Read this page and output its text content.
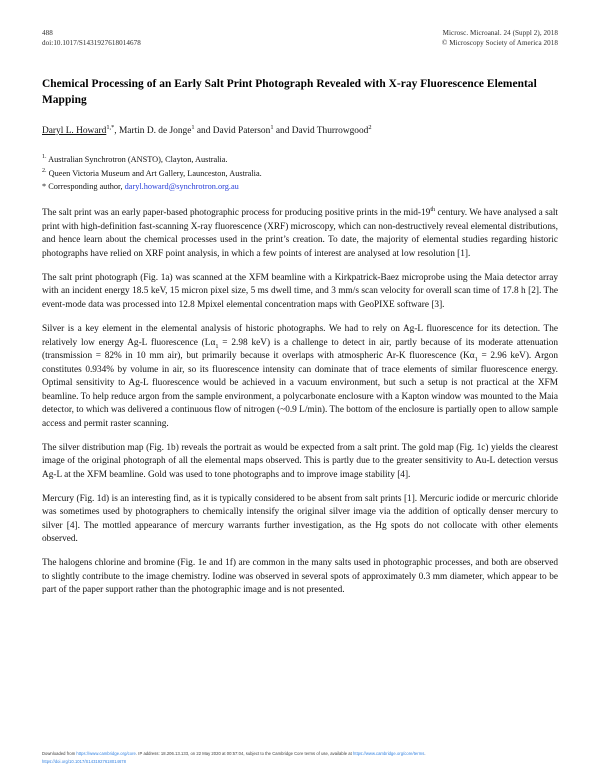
488
doi:10.1017/S1431927618014678
Microsc. Microanal. 24 (Suppl 2), 2018
© Microscopy Society of America 2018
Chemical Processing of an Early Salt Print Photograph Revealed with X-ray Fluorescence Elemental Mapping
Daryl L. Howard$^{1,*}$, Martin D. de Jonge$^1$ and David Paterson$^1$ and David Thurrowgood$^2$
$^{1.}$ Australian Synchrotron (ANSTO), Clayton, Australia.
$^{2.}$ Queen Victoria Museum and Art Gallery, Launceston, Australia.
* Corresponding author, daryl.howard@synchrotron.org.au

The salt print was an early paper-based photographic process for producing positive prints in the mid-19th century. We have analysed a salt print with high-definition fast-scanning X-ray fluorescence (XRF) microscopy, which can non-destructively reveal elemental distributions, and hence learn about the chemical processes used in the print’s creation. To date, the majority of elemental studies regarding historic photographs have relied on XRF point analysis, in which a few points of interest are analysed at low resolution [1].

The salt print photograph (Fig. 1a) was scanned at the XFM beamline with a Kirkpatrick-Baez microprobe using the Maia detector array with an incident energy 18.5 keV, 15 micron pixel size, 5 ms dwell time, and 3 mm/s scan velocity for overall scan time of 17.8 h [2]. The event-mode data was processed into 12.8 Mpixel elemental concentration maps with GeoPIXE software [3].

Silver is a key element in the elemental analysis of historic photographs. We had to rely on Ag-L fluorescence for its detection. The relatively low energy Ag-L fluorescence ($L\alpha_1 = 2.98$ keV) is a challenge to detect in air, partly because of its moderate attenuation (transmission = 82% in 10 mm air), but primarily because it overlaps with atmospheric Ar-K fluorescence ($K\alpha_1 = 2.96$ keV). Argon constitutes 0.934% by volume in air, so its fluorescence intensity can dominate that of trace elements of similar fluorescence energy. Optimal sensitivity to Ag-L fluorescence would be achieved in a vacuum environment, but such a setup is not practical at the XFM beamline. To help reduce argon from the sample environment, a polycarbonate enclosure with a Kapton window was mounted to the Maia detector, to which was delivered a continuous flow of nitrogen (~0.9 L/min). The bottom of the enclosure is partially open to allow sample access and permit raster scanning.

The silver distribution map (Fig. 1b) reveals the portrait as would be expected from a salt print. The gold map (Fig. 1c) yields the clearest image of the original photograph of all the elemental maps observed. This is partly due to the greater sensitivity to Au-L detection versus Ag-L at the XFM beamline. Gold was used to tone photographs and to improve image stability [4].

Mercury (Fig. 1d) is an interesting find, as it is typically considered to be absent from salt prints [1]. Mercuric iodide or mercuric chloride was sometimes used by photographers to chemically intensify the original silver image via the addition of optically denser mercury to silver [4]. The mottled appearance of mercury warrants further investigation, as the Hg spots do not collocate with other elements observed.

The halogens chlorine and bromine (Fig. 1e and 1f) are common in the many salts used in photographic processes, and both are observed to slightly contribute to the image chemistry. Iodine was observed in several spots of approximately 0.3 mm diameter, which appear to be part of the paper support rather than the photographic image and is not presented.

Downloaded from https://www.cambridge.org/core. IP address: 18.206.13.133, on 22 May 2020 at 00:57:04, subject to the Cambridge Core terms of use, available at https://www.cambridge.org/core/terms.
https://doi.org/10.1017/S1431927618014678
